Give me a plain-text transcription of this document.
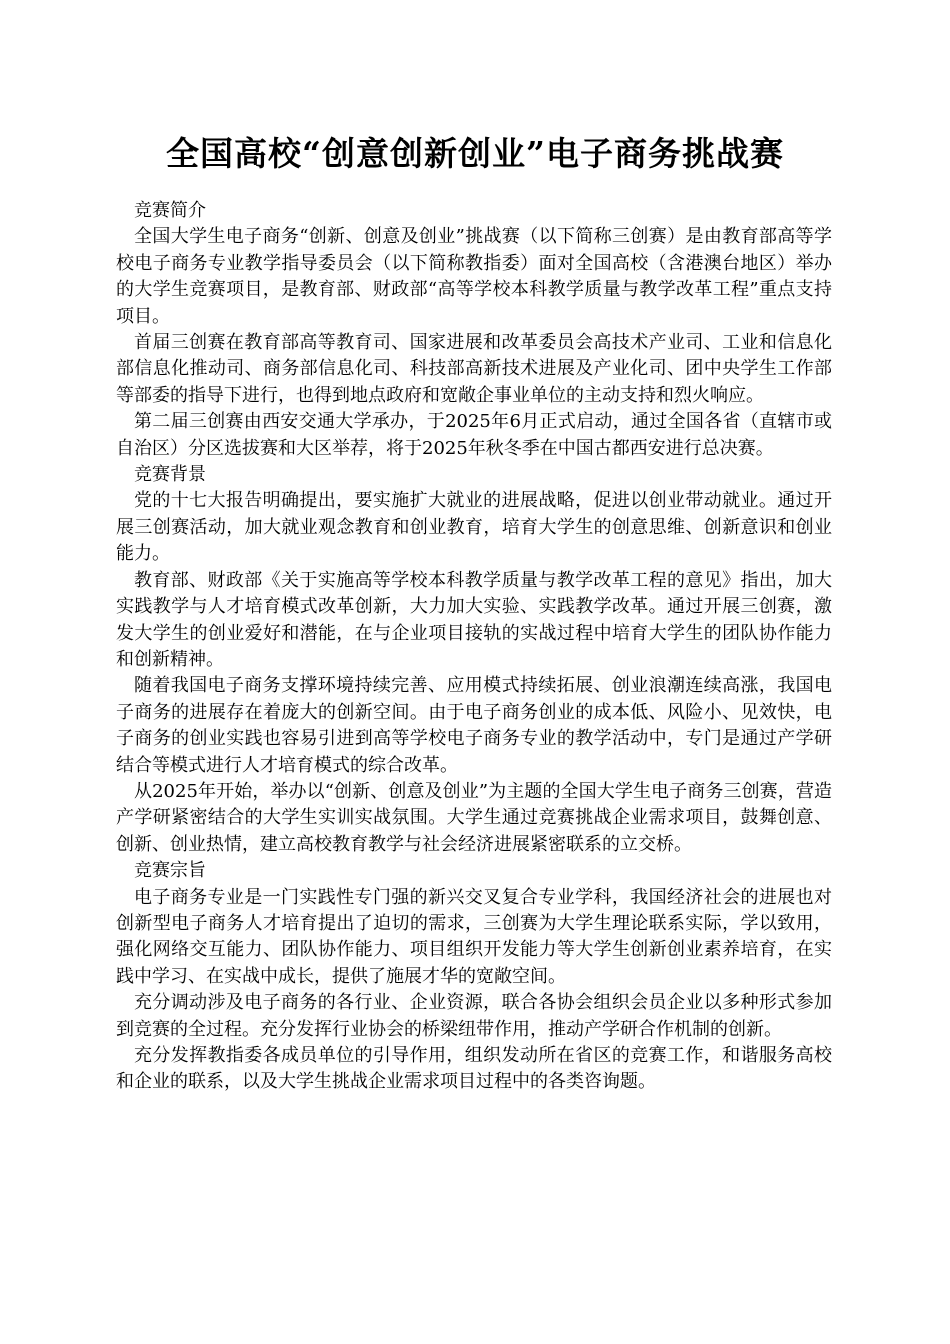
全国高校“创意创新创业”电子商务挑战赛
竞赛简介

全国大学生电子商务“创新、创意及创业”挑战赛（以下简称三创赛）是由教育部高等学校电子商务专业教学指导委员会（以下简称教指委）面对全国高校（含港澳台地区）举办的大学生竞赛项目，是教育部、财政部“高等学校本科教学质量与教学改革工程”重点支持项目。

首届三创赛在教育部高等教育司、国家进展和改革委员会高技术产业司、工业和信息化部信息化推动司、商务部信息化司、科技部高新技术进展及产业化司、团中央学生工作部等部委的指导下进行，也得到地点政府和宽敞企事业单位的主动支持和烈火响应。

第二届三创赛由西安交通大学承办，于2025年6月正式启动，通过全国各省（直辖市或自治区）分区选拔赛和大区举荐，将于2025年秋冬季在中国古都西安进行总决赛。

竞赛背景

党的十七大报告明确提出，要实施扩大就业的进展战略，促进以创业带动就业。通过开展三创赛活动，加大就业观念教育和创业教育，培育大学生的创意思维、创新意识和创业能力。

教育部、财政部《关于实施高等学校本科教学质量与教学改革工程的意见》指出，加大实践教学与人才培育模式改革创新，大力加大实验、实践教学改革。通过开展三创赛，激发大学生的创业爱好和潜能，在与企业项目接轨的实战过程中培育大学生的团队协作能力和创新精神。

随着我国电子商务支撑环境持续完善、应用模式持续拓展、创业浪潮连续高涨，我国电子商务的进展存在着庞大的创新空间。由于电子商务创业的成本低、风险小、见效快，电子商务的创业实践也容易引进到高等学校电子商务专业的教学活动中，专门是通过产学研结合等模式进行人才培育模式的综合改革。

从2025年开始，举办以“创新、创意及创业”为主题的全国大学生电子商务三创赛，营造产学研紧密结合的大学生实训实战氛围。大学生通过竞赛挑战企业需求项目，鼓舞创意、创新、创业热情，建立高校教育教学与社会经济进展紧密联系的立交桥。

竞赛宗旨

电子商务专业是一门实践性专门强的新兴交叉复合专业学科，我国经济社会的进展也对创新型电子商务人才培育提出了迫切的需求，三创赛为大学生理论联系实际，学以致用，强化网络交互能力、团队协作能力、项目组织开发能力等大学生创新创业素养培育，在实践中学习、在实战中成长，提供了施展才华的宽敞空间。

充分调动涉及电子商务的各行业、企业资源，联合各协会组织会员企业以多种形式参加到竞赛的全过程。充分发挥行业协会的桥梁纽带作用，推动产学研合作机制的创新。

充分发挥教指委各成员单位的引导作用，组织发动所在省区的竞赛工作，和谐服务高校和企业的联系，以及大学生挑战企业需求项目过程中的各类咨询题。
